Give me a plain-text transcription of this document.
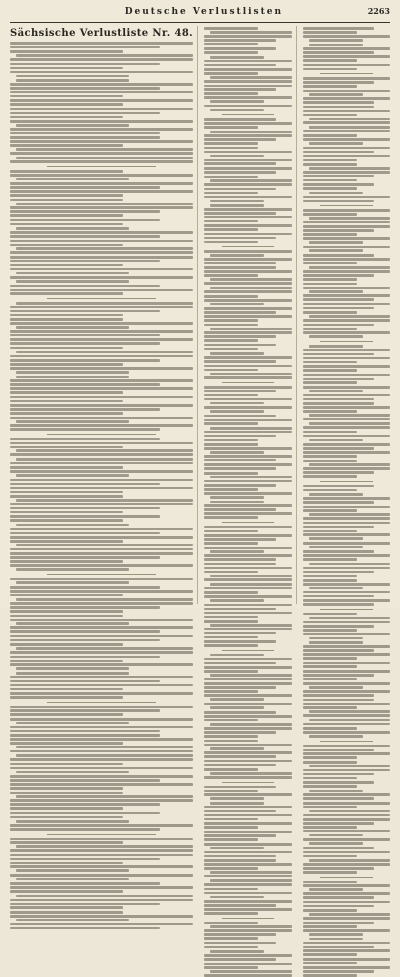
Deutsche Verlustlisten	2263
Sächsische Verlustliste Nr. 48.
